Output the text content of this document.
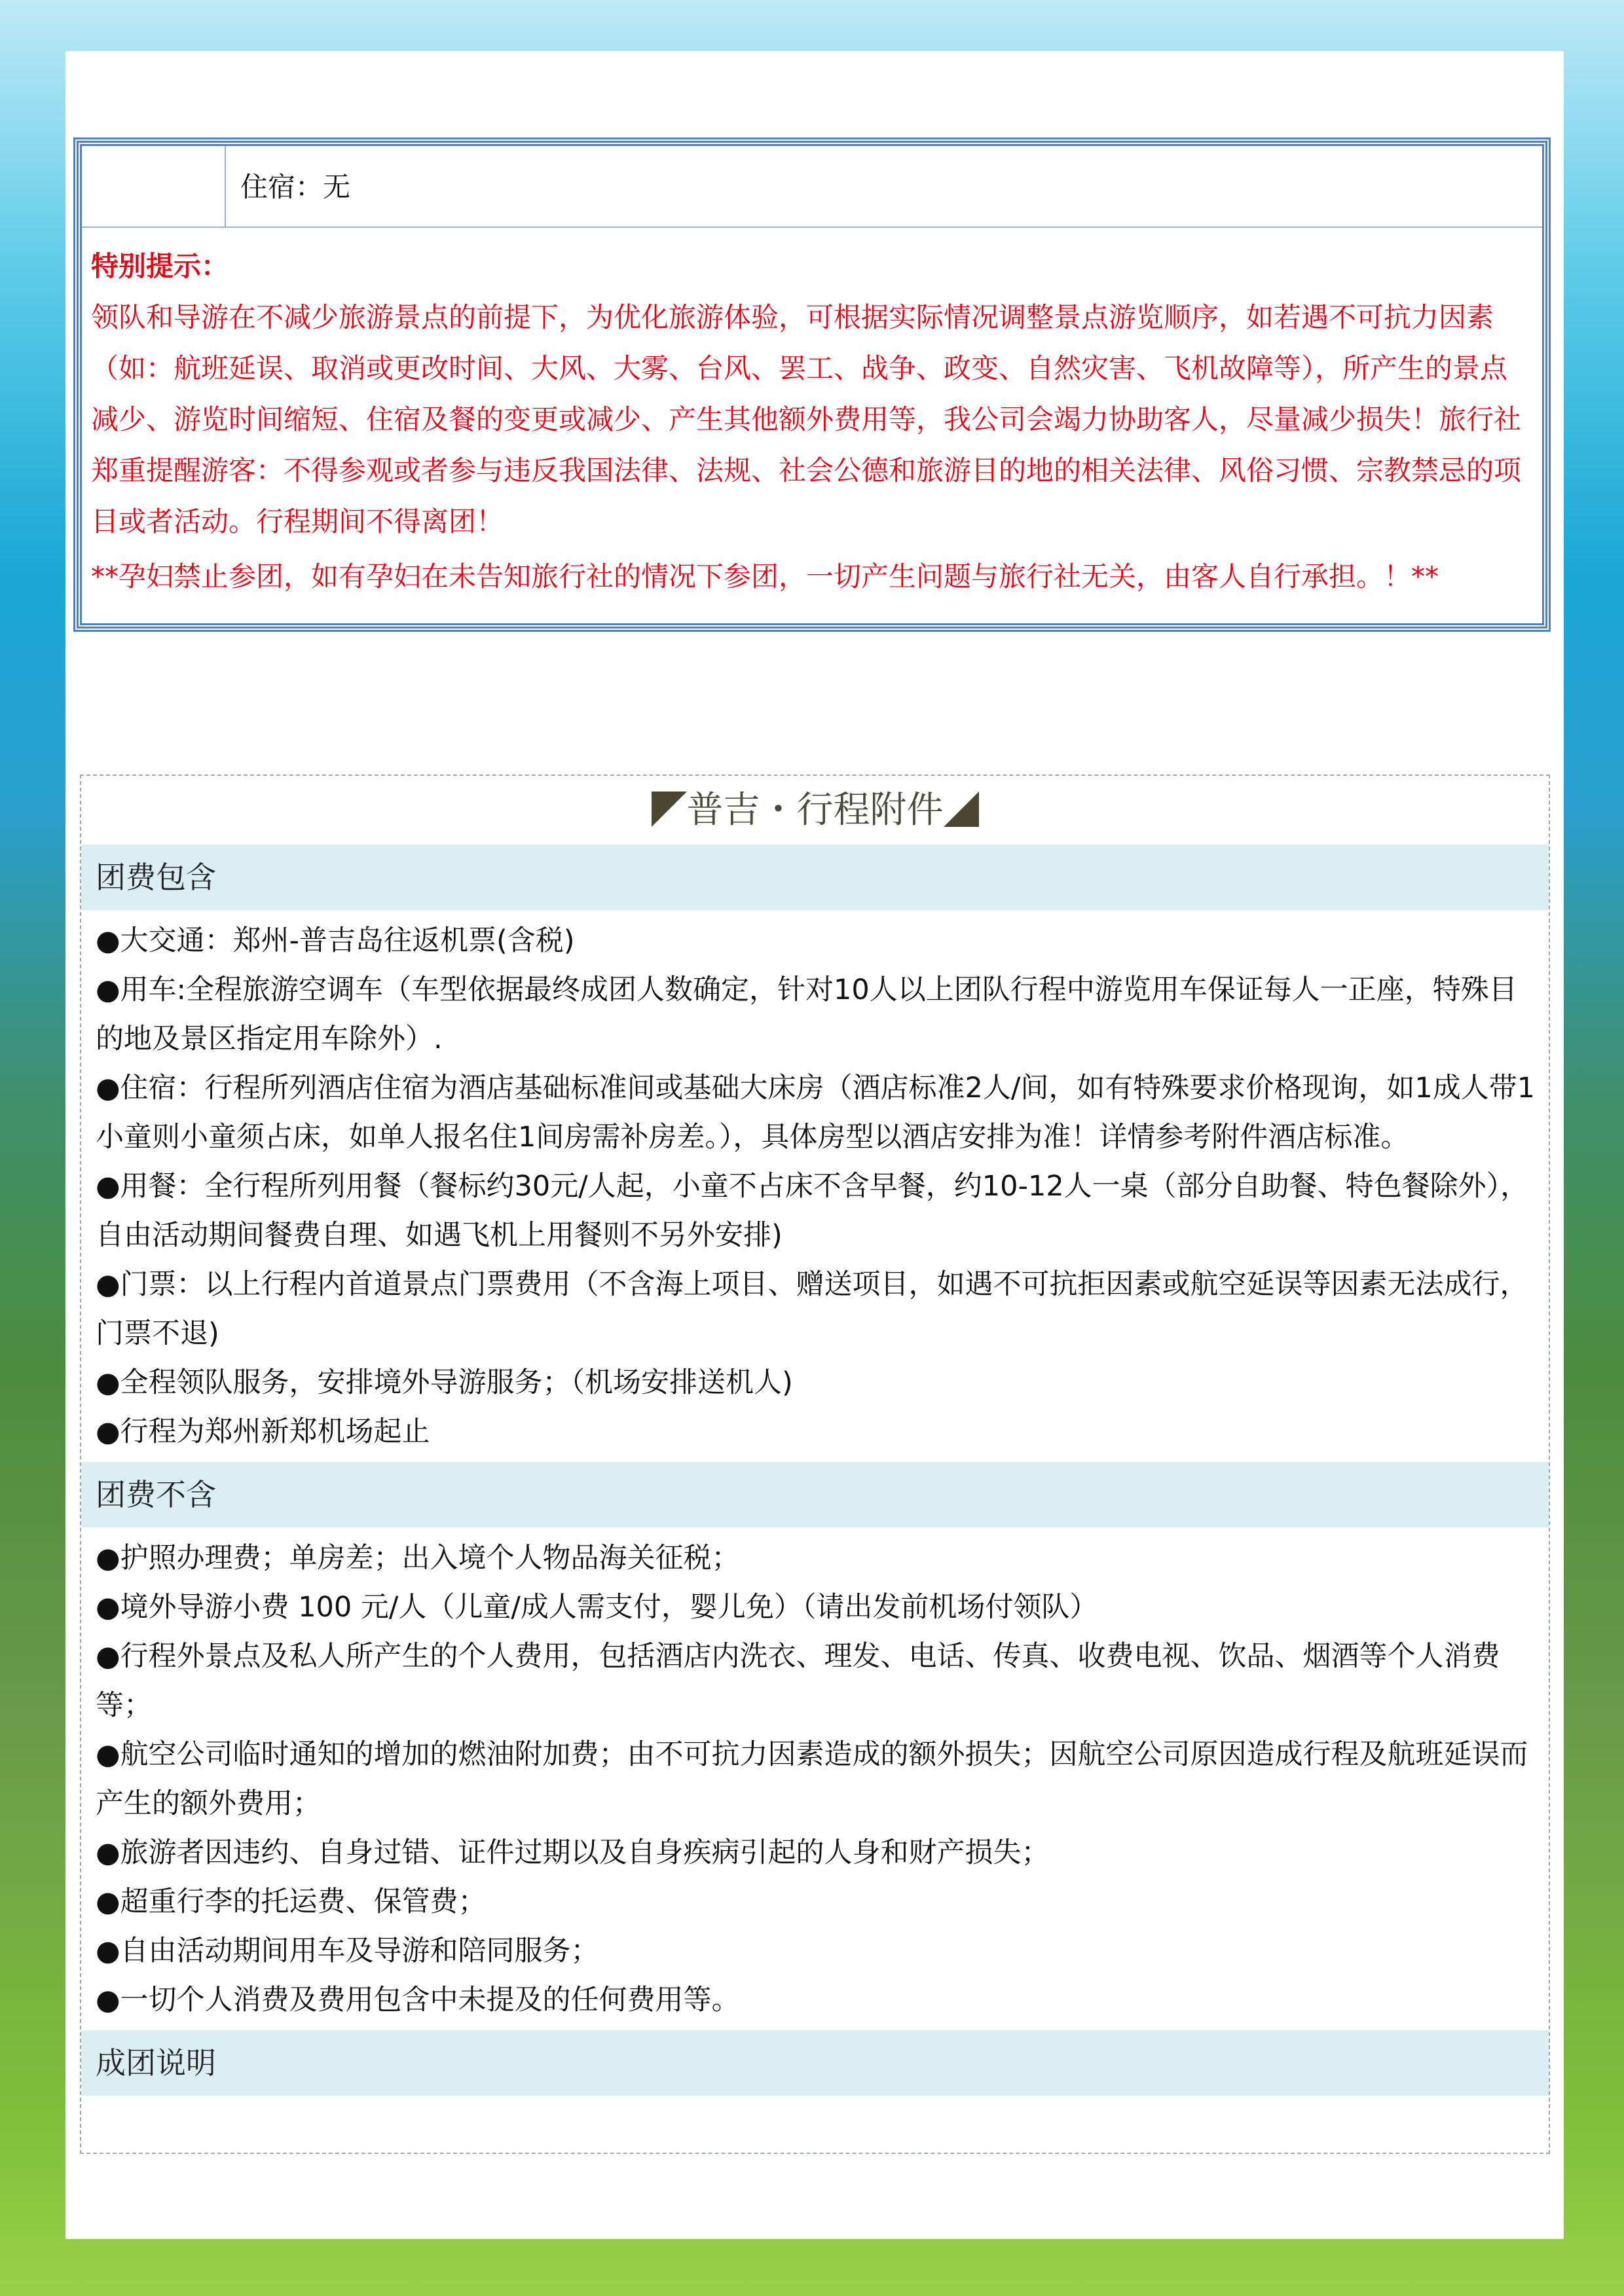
住宿：无

特别提示：

领队和导游在不减少旅游景点的前提下，为优化旅游体验，可根据实际情况调整景点游览顺序，如若遇不可抗力因素（如：航班延误、取消或更改时间、大风、大雾、台风、罢工、战争、政变、自然灾害、飞机故障等），所产生的景点减少、游览时间缩短、住宿及餐的变更或减少、产生其他额外费用等，我公司会竭力协助客人，尽量减少损失！旅行社郑重提醒游客：不得参观或者参与违反我国法律、法规、社会公德和旅游目的地的相关法律、风俗习惯、宗教禁忌的项目或者活动。行程期间不得离团！

**孕妇禁止参团，如有孕妇在未告知旅行社的情况下参团，一切产生问题与旅行社无关，由客人自行承担。！**

普吉・行程附件
团费包含

●大交通：郑州-普吉岛往返机票(含税)

●用车:全程旅游空调车（车型依据最终成团人数确定，针对10人以上团队行程中游览用车保证每人一正座，特殊目的地及景区指定用车除外）.

●住宿：行程所列酒店住宿为酒店基础标准间或基础大床房（酒店标准2人/间，如有特殊要求价格现询，如1成人带1小童则小童须占床，如单人报名住1间房需补房差。），具体房型以酒店安排为准！详情参考附件酒店标准。

●用餐：全行程所列用餐（餐标约30元/人起，小童不占床不含早餐，约10-12人一桌（部分自助餐、特色餐除外），自由活动期间餐费自理、如遇飞机上用餐则不另外安排)

●门票：以上行程内首道景点门票费用（不含海上项目、赠送项目，如遇不可抗拒因素或航空延误等因素无法成行，门票不退)

●全程领队服务，安排境外导游服务；（机场安排送机人)

●行程为郑州新郑机场起止

团费不含

●护照办理费；单房差；出入境个人物品海关征税；

●境外导游小费 100 元/人（儿童/成人需支付，婴儿免）（请出发前机场付领队）

●行程外景点及私人所产生的个人费用，包括酒店内洗衣、理发、电话、传真、收费电视、饮品、烟酒等个人消费等；

●航空公司临时通知的增加的燃油附加费；由不可抗力因素造成的额外损失；因航空公司原因造成行程及航班延误而产生的额外费用；

●旅游者因违约、自身过错、证件过期以及自身疾病引起的人身和财产损失；

●超重行李的托运费、保管费；

●自由活动期间用车及导游和陪同服务；

●一切个人消费及费用包含中未提及的任何费用等。

成团说明
